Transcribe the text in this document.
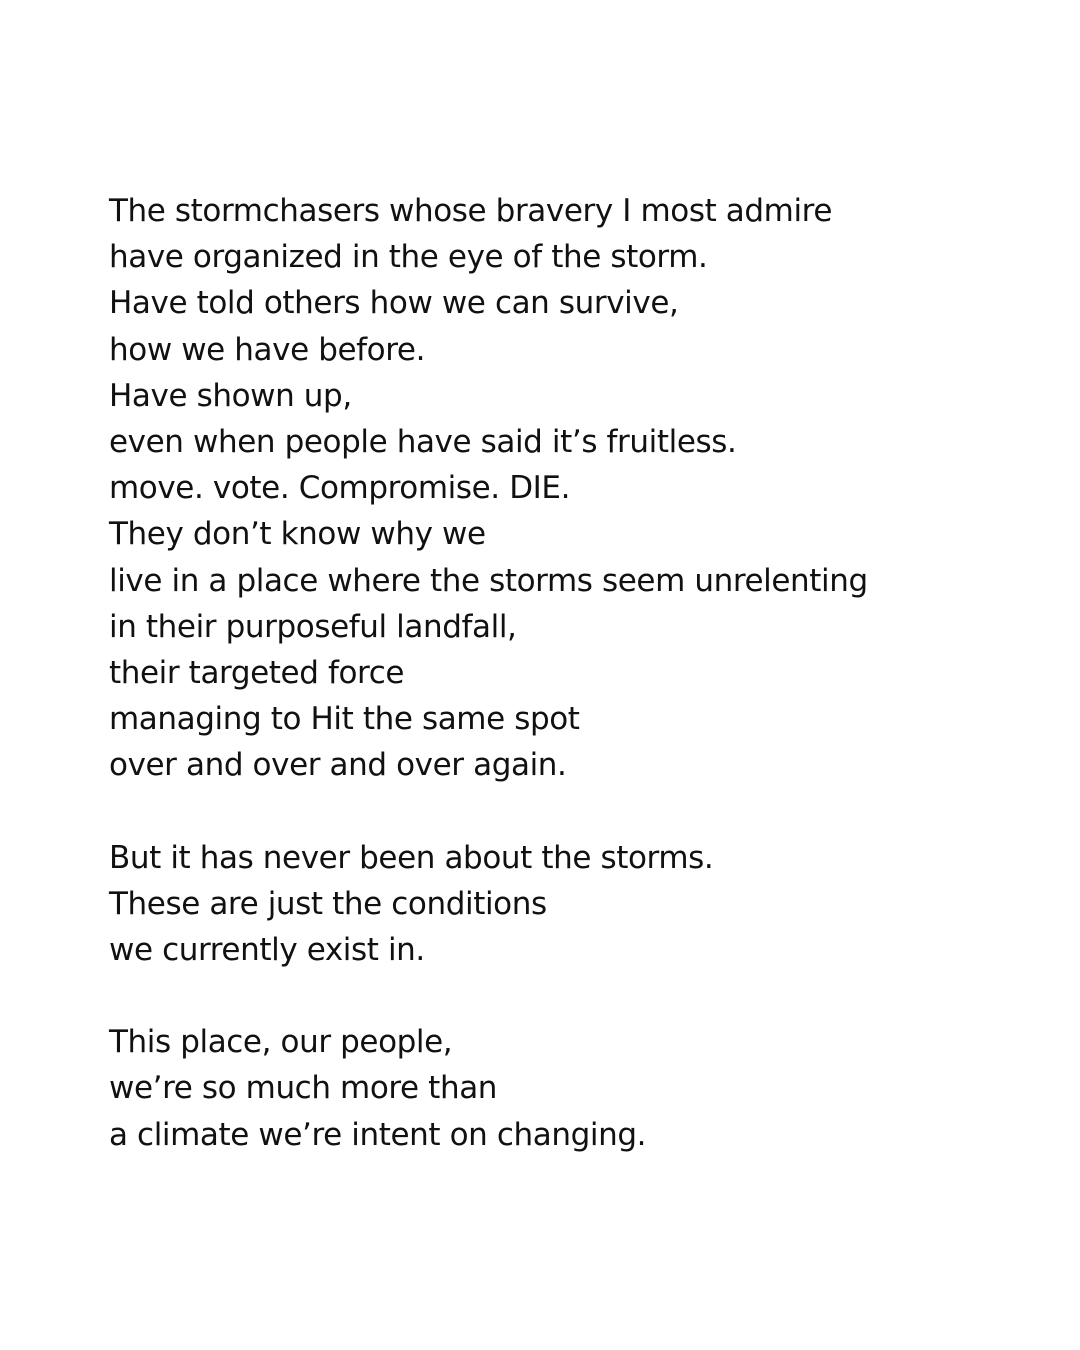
The stormchasers whose bravery I most admire
have organized in the eye of the storm.
Have told others how we can survive,
how we have before.
Have shown up,
even when people have said it’s fruitless.
move. vote. Compromise. DIE.
They don’t know why we
live in a place where the storms seem unrelenting
in their purposeful landfall,
their targeted force
managing to Hit the same spot
over and over and over again.
But it has never been about the storms.
These are just the conditions
we currently exist in.
This place, our people,
we’re so much more than
a climate we’re intent on changing.
